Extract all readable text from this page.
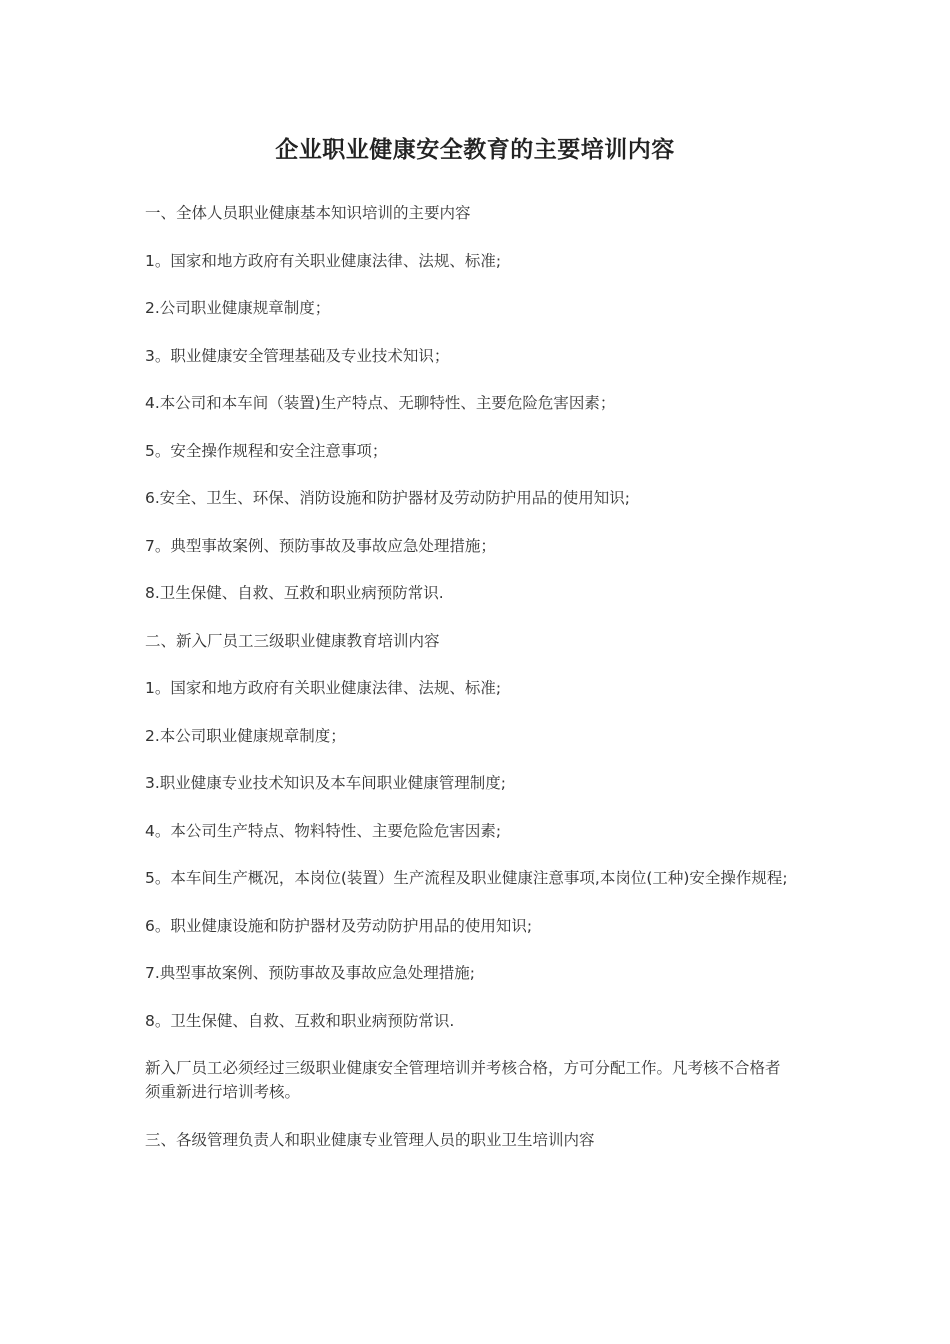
企业职业健康安全教育的主要培训内容

一、全体人员职业健康基本知识培训的主要内容

1。国家和地方政府有关职业健康法律、法规、标准;

2.公司职业健康规章制度；

3。职业健康安全管理基础及专业技术知识；

4.本公司和本车间（装置)生产特点、无聊特性、主要危险危害因素；

5。安全操作规程和安全注意事项；

6.安全、卫生、环保、消防设施和防护器材及劳动防护用品的使用知识;

7。典型事故案例、预防事故及事故应急处理措施；

8.卫生保健、自救、互救和职业病预防常识.

二、新入厂员工三级职业健康教育培训内容

1。国家和地方政府有关职业健康法律、法规、标准;

2.本公司职业健康规章制度；

3.职业健康专业技术知识及本车间职业健康管理制度;

4。本公司生产特点、物料特性、主要危险危害因素;

5。本车间生产概况，本岗位(装置）生产流程及职业健康注意事项,本岗位(工种)安全操作规程;

6。职业健康设施和防护器材及劳动防护用品的使用知识;

7.典型事故案例、预防事故及事故应急处理措施;

8。卫生保健、自救、互救和职业病预防常识.

新入厂员工必须经过三级职业健康安全管理培训并考核合格，方可分配工作。凡考核不合格者须重新进行培训考核。

三、各级管理负责人和职业健康专业管理人员的职业卫生培训内容
